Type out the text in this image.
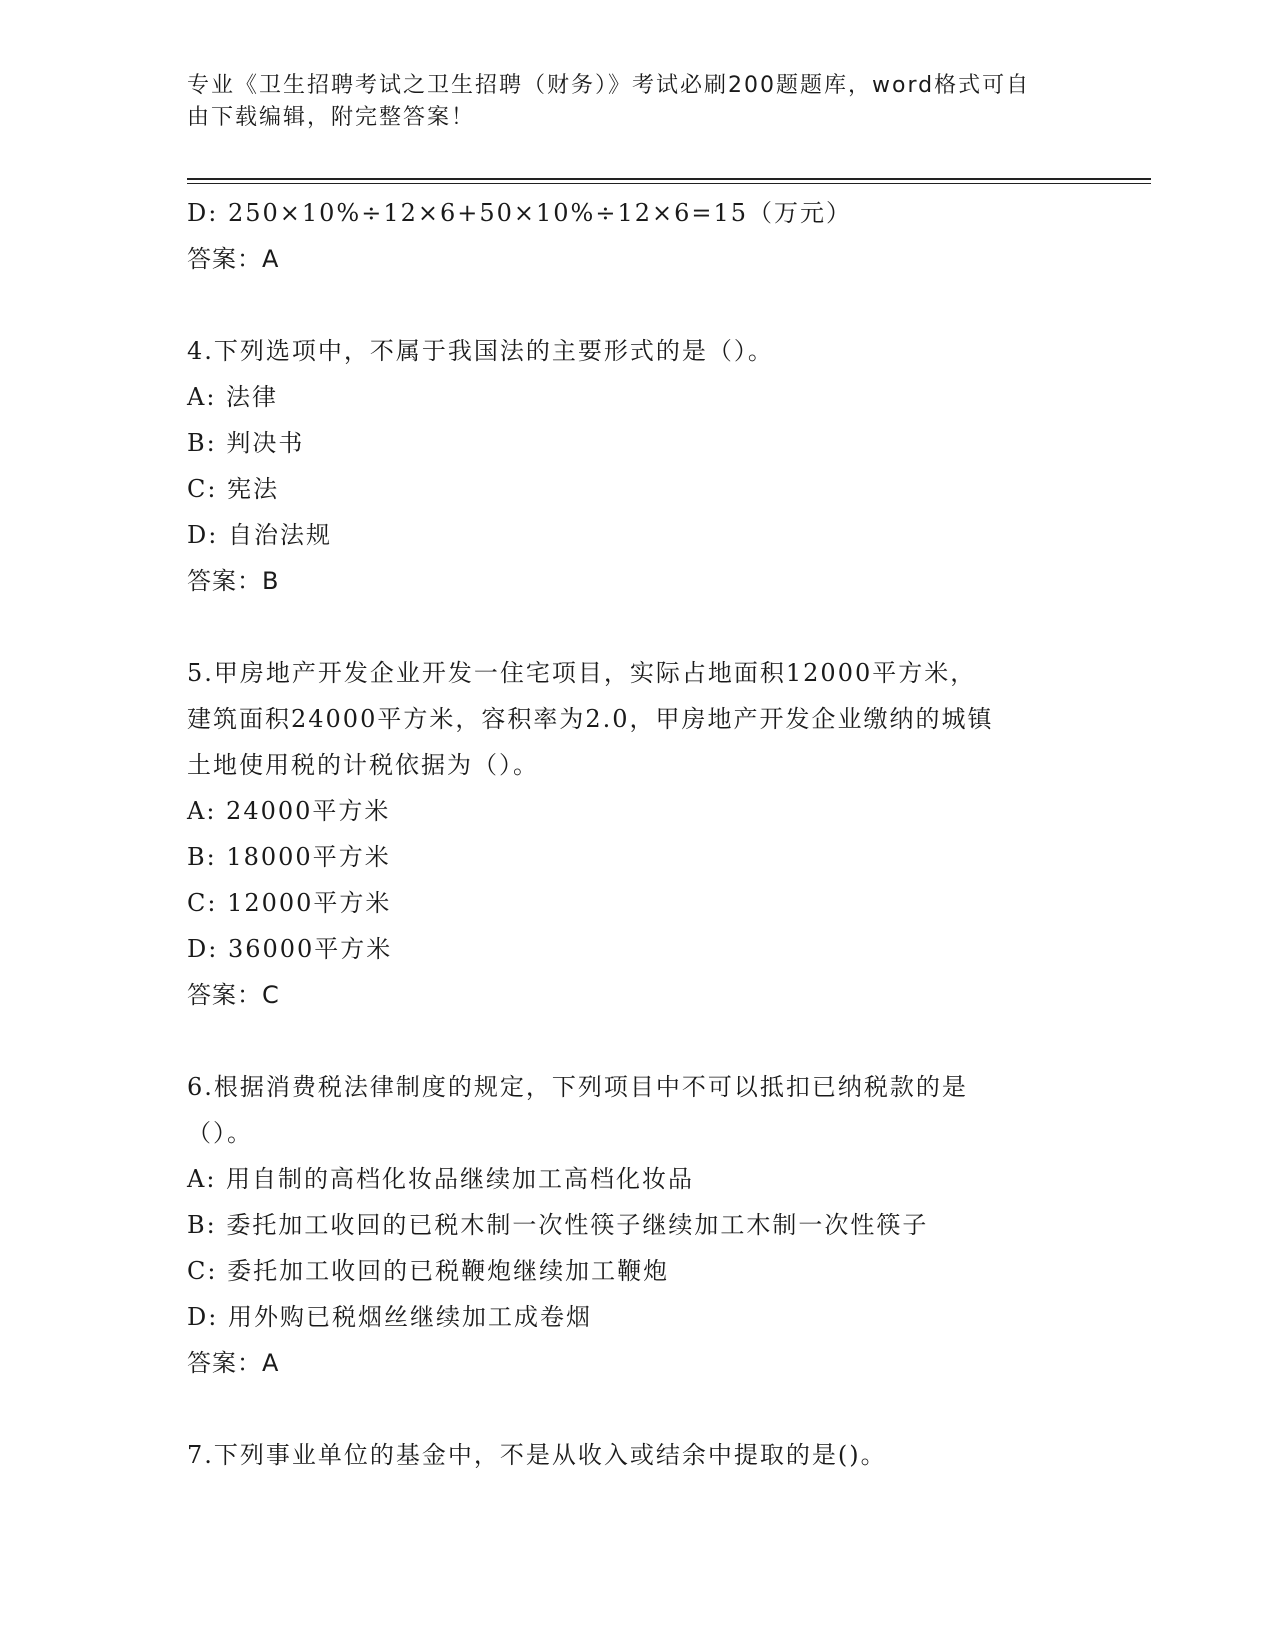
专业《卫生招聘考试之卫生招聘（财务）》考试必刷200题题库，word格式可自
由下载编辑，附完整答案！
D: 250×10%÷12×6+50×10%÷12×6=15（万元）
答案：A
4.下列选项中，不属于我国法的主要形式的是（）。
A: 法律
B: 判决书
C: 宪法
D: 自治法规
答案：B
5.甲房地产开发企业开发一住宅项目，实际占地面积12000平方米，
建筑面积24000平方米，容积率为2.0，甲房地产开发企业缴纳的城镇
土地使用税的计税依据为（）。
A: 24000平方米
B: 18000平方米
C: 12000平方米
D: 36000平方米
答案：C
6.根据消费税法律制度的规定，下列项目中不可以抵扣已纳税款的是
（）。
A: 用自制的高档化妆品继续加工高档化妆品
B: 委托加工收回的已税木制一次性筷子继续加工木制一次性筷子
C: 委托加工收回的已税鞭炮继续加工鞭炮
D: 用外购已税烟丝继续加工成卷烟
答案：A
7.下列事业单位的基金中，不是从收入或结余中提取的是()。
